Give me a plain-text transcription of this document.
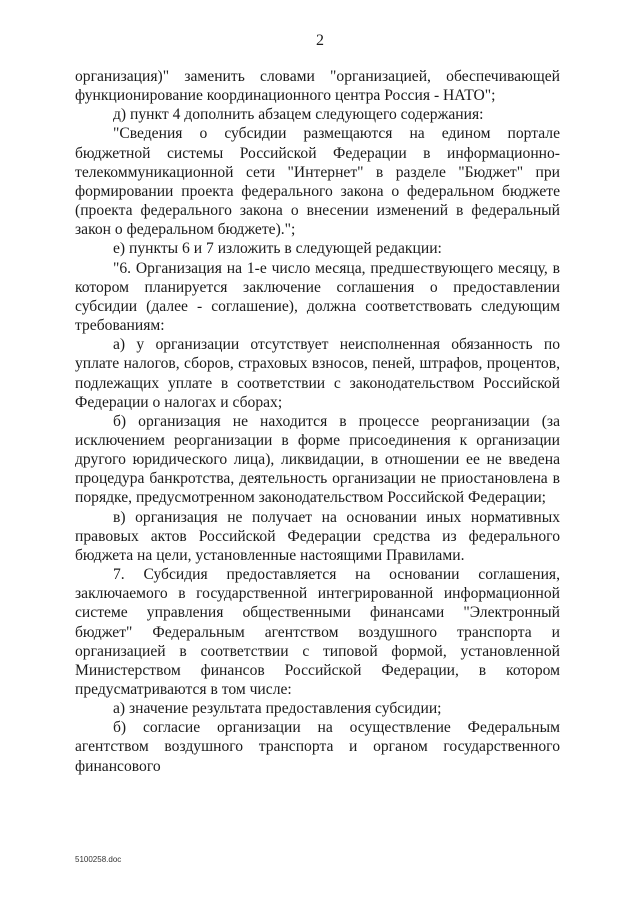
2

организация)" заменить словами "организацией, обеспечивающей функционирование координационного центра Россия - НАТО";

д) пункт 4 дополнить абзацем следующего содержания:

"Сведения о субсидии размещаются на едином портале бюджетной системы Российской Федерации в информационно-телекоммуникационной сети "Интернет" в разделе "Бюджет" при формировании проекта федерального закона о федеральном бюджете (проекта федерального закона о внесении изменений в федеральный закон о федеральном бюджете).";

е) пункты 6 и 7 изложить в следующей редакции:

"6. Организация на 1-е число месяца, предшествующего месяцу, в котором планируется заключение соглашения о предоставлении субсидии (далее - соглашение), должна соответствовать следующим требованиям:

а) у организации отсутствует неисполненная обязанность по уплате налогов, сборов, страховых взносов, пеней, штрафов, процентов, подлежащих уплате в соответствии с законодательством Российской Федерации о налогах и сборах;

б) организация не находится в процессе реорганизации (за исключением реорганизации в форме присоединения к организации другого юридического лица), ликвидации, в отношении ее не введена процедура банкротства, деятельность организации не приостановлена в порядке, предусмотренном законодательством Российской Федерации;

в) организация не получает на основании иных нормативных правовых актов Российской Федерации средства из федерального бюджета на цели, установленные настоящими Правилами.

7. Субсидия предоставляется на основании соглашения, заключаемого в государственной интегрированной информационной системе управления общественными финансами "Электронный бюджет" Федеральным агентством воздушного транспорта и организацией в соответствии с типовой формой, установленной Министерством финансов Российской Федерации, в котором предусматриваются в том числе:

а) значение результата предоставления субсидии;

б) согласие организации на осуществление Федеральным агентством воздушного транспорта и органом государственного финансового

5100258.doc
